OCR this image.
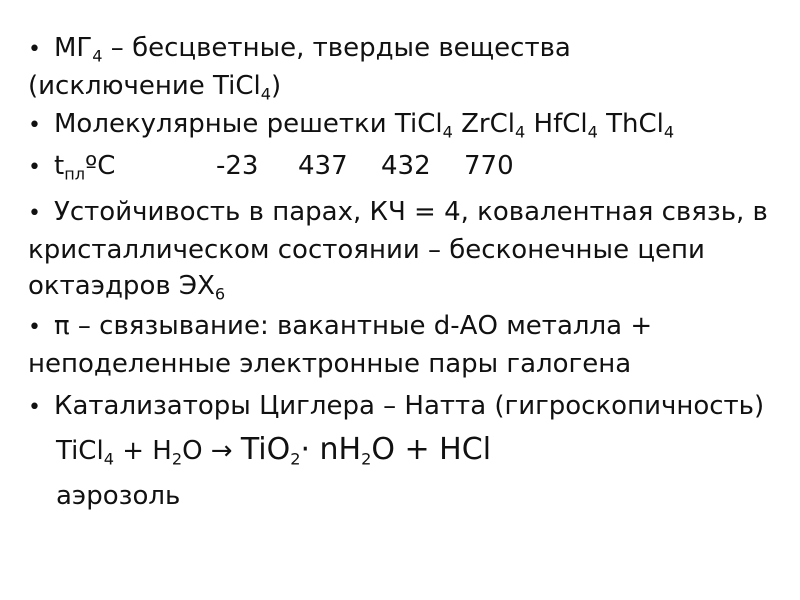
• $МГ_4$ – бесцветные, твердые вещества
(исключение TiCl$_4$)
• Молекулярные решетки TiCl$_4$ ZrCl$_4$ HfCl$_4$ ThCl$_4$
• $t_{пл}ºC$	-23 437 432 770
• Устойчивость в парах, КЧ = 4, ковалентная связь, в
кристаллическом состоянии – бесконечные цепи
октаэдров $ЭХ_6$
• π – связывание: вакантные d-АО металла +
неподеленные электронные пары галогена
• Катализаторы Циглера – Натта (гигроскопичность)
TiCl$_4$ + $H_2O \to TiO_2\cdot nH_2O$ + HCl
аэрозоль
